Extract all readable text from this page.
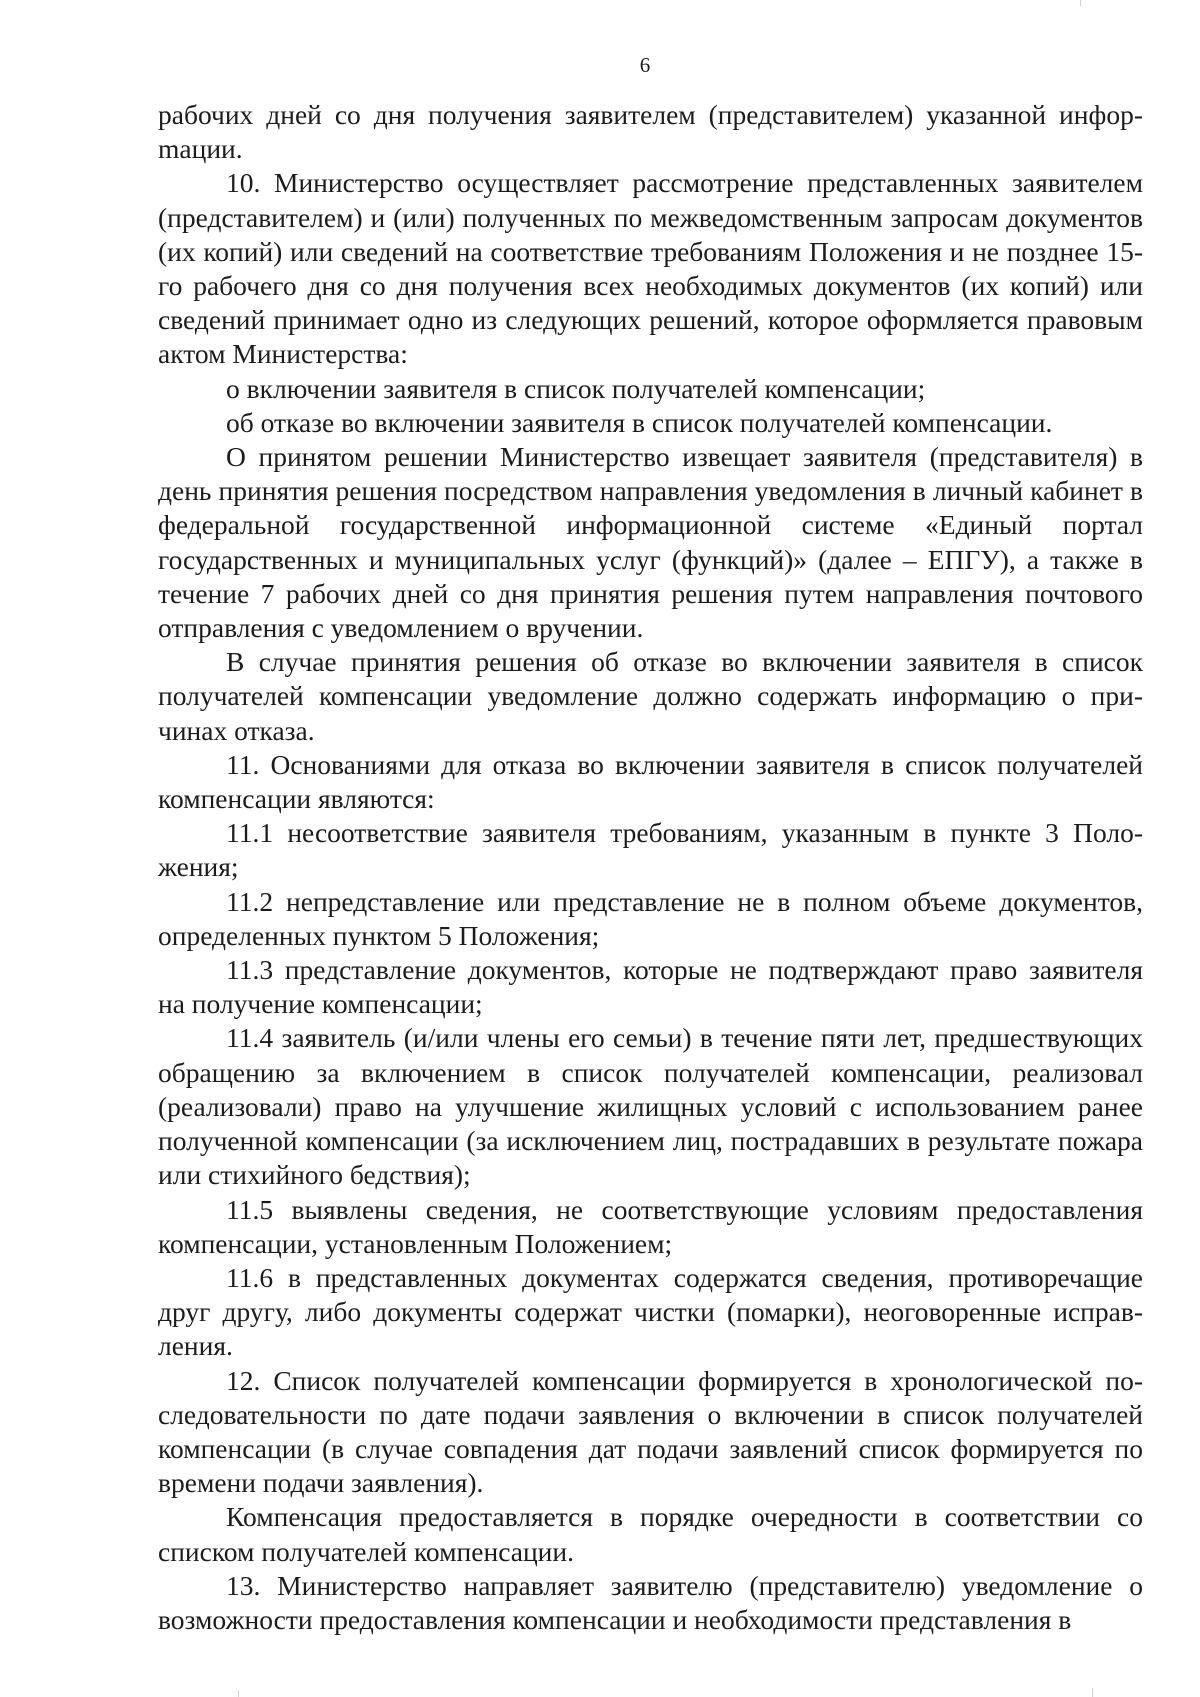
6

рабочих дней со дня получения заявителем (представителем) указанной инфорmации.

10. Министерство осуществляет рассмотрение представленных заявителем (представителем) и (или) полученных по межведомственным запросам документов (их копий) или сведений на соответствие требованиям Положения и не позднее 15-го рабочего дня со дня получения всех необходимых документов (их копий) или сведений принимает одно из следующих решений, которое оформляется правовым актом Министерства:

о включении заявителя в список получателей компенсации;

об отказе во включении заявителя в список получателей компенсации.

О принятом решении Министерство извещает заявителя (представителя) в день принятия решения посредством направления уведомления в личный кабинет в федеральной государственной информационной системе «Единый портал государственных и муниципальных услуг (функций)» (далее – ЕПГУ), а также в течение 7 рабочих дней со дня принятия решения путем направления почтового отправления с уведомлением о вручении.

В случае принятия решения об отказе во включении заявителя в список получателей компенсации уведомление должно содержать информацию о причинах отказа.

11. Основаниями для отказа во включении заявителя в список получателей компенсации являются:

11.1 несоответствие заявителя требованиям, указанным в пункте 3 Положения;

11.2 непредставление или представление не в полном объеме документов, определенных пунктом 5 Положения;

11.3 представление документов, которые не подтверждают право заявителя на получение компенсации;

11.4 заявитель (и/или члены его семьи) в течение пяти лет, предшествующих обращению за включением в список получателей компенсации, реализовал (реализовали) право на улучшение жилищных условий с использованием ранее полученной компенсации (за исключением лиц, пострадавших в результате пожара или стихийного бедствия);

11.5 выявлены сведения, не соответствующие условиям предоставления компенсации, установленным Положением;

11.6 в представленных документах содержатся сведения, противоречащие друг другу, либо документы содержат чистки (помарки), неоговоренные исправления.

12. Список получателей компенсации формируется в хронологической последовательности по дате подачи заявления о включении в список получателей компенсации (в случае совпадения дат подачи заявлений список формируется по времени подачи заявления).

Компенсация предоставляется в порядке очередности в соответствии со списком получателей компенсации.

13. Министерство направляет заявителю (представителю) уведомление о возможности предоставления компенсации и необходимости представления в
